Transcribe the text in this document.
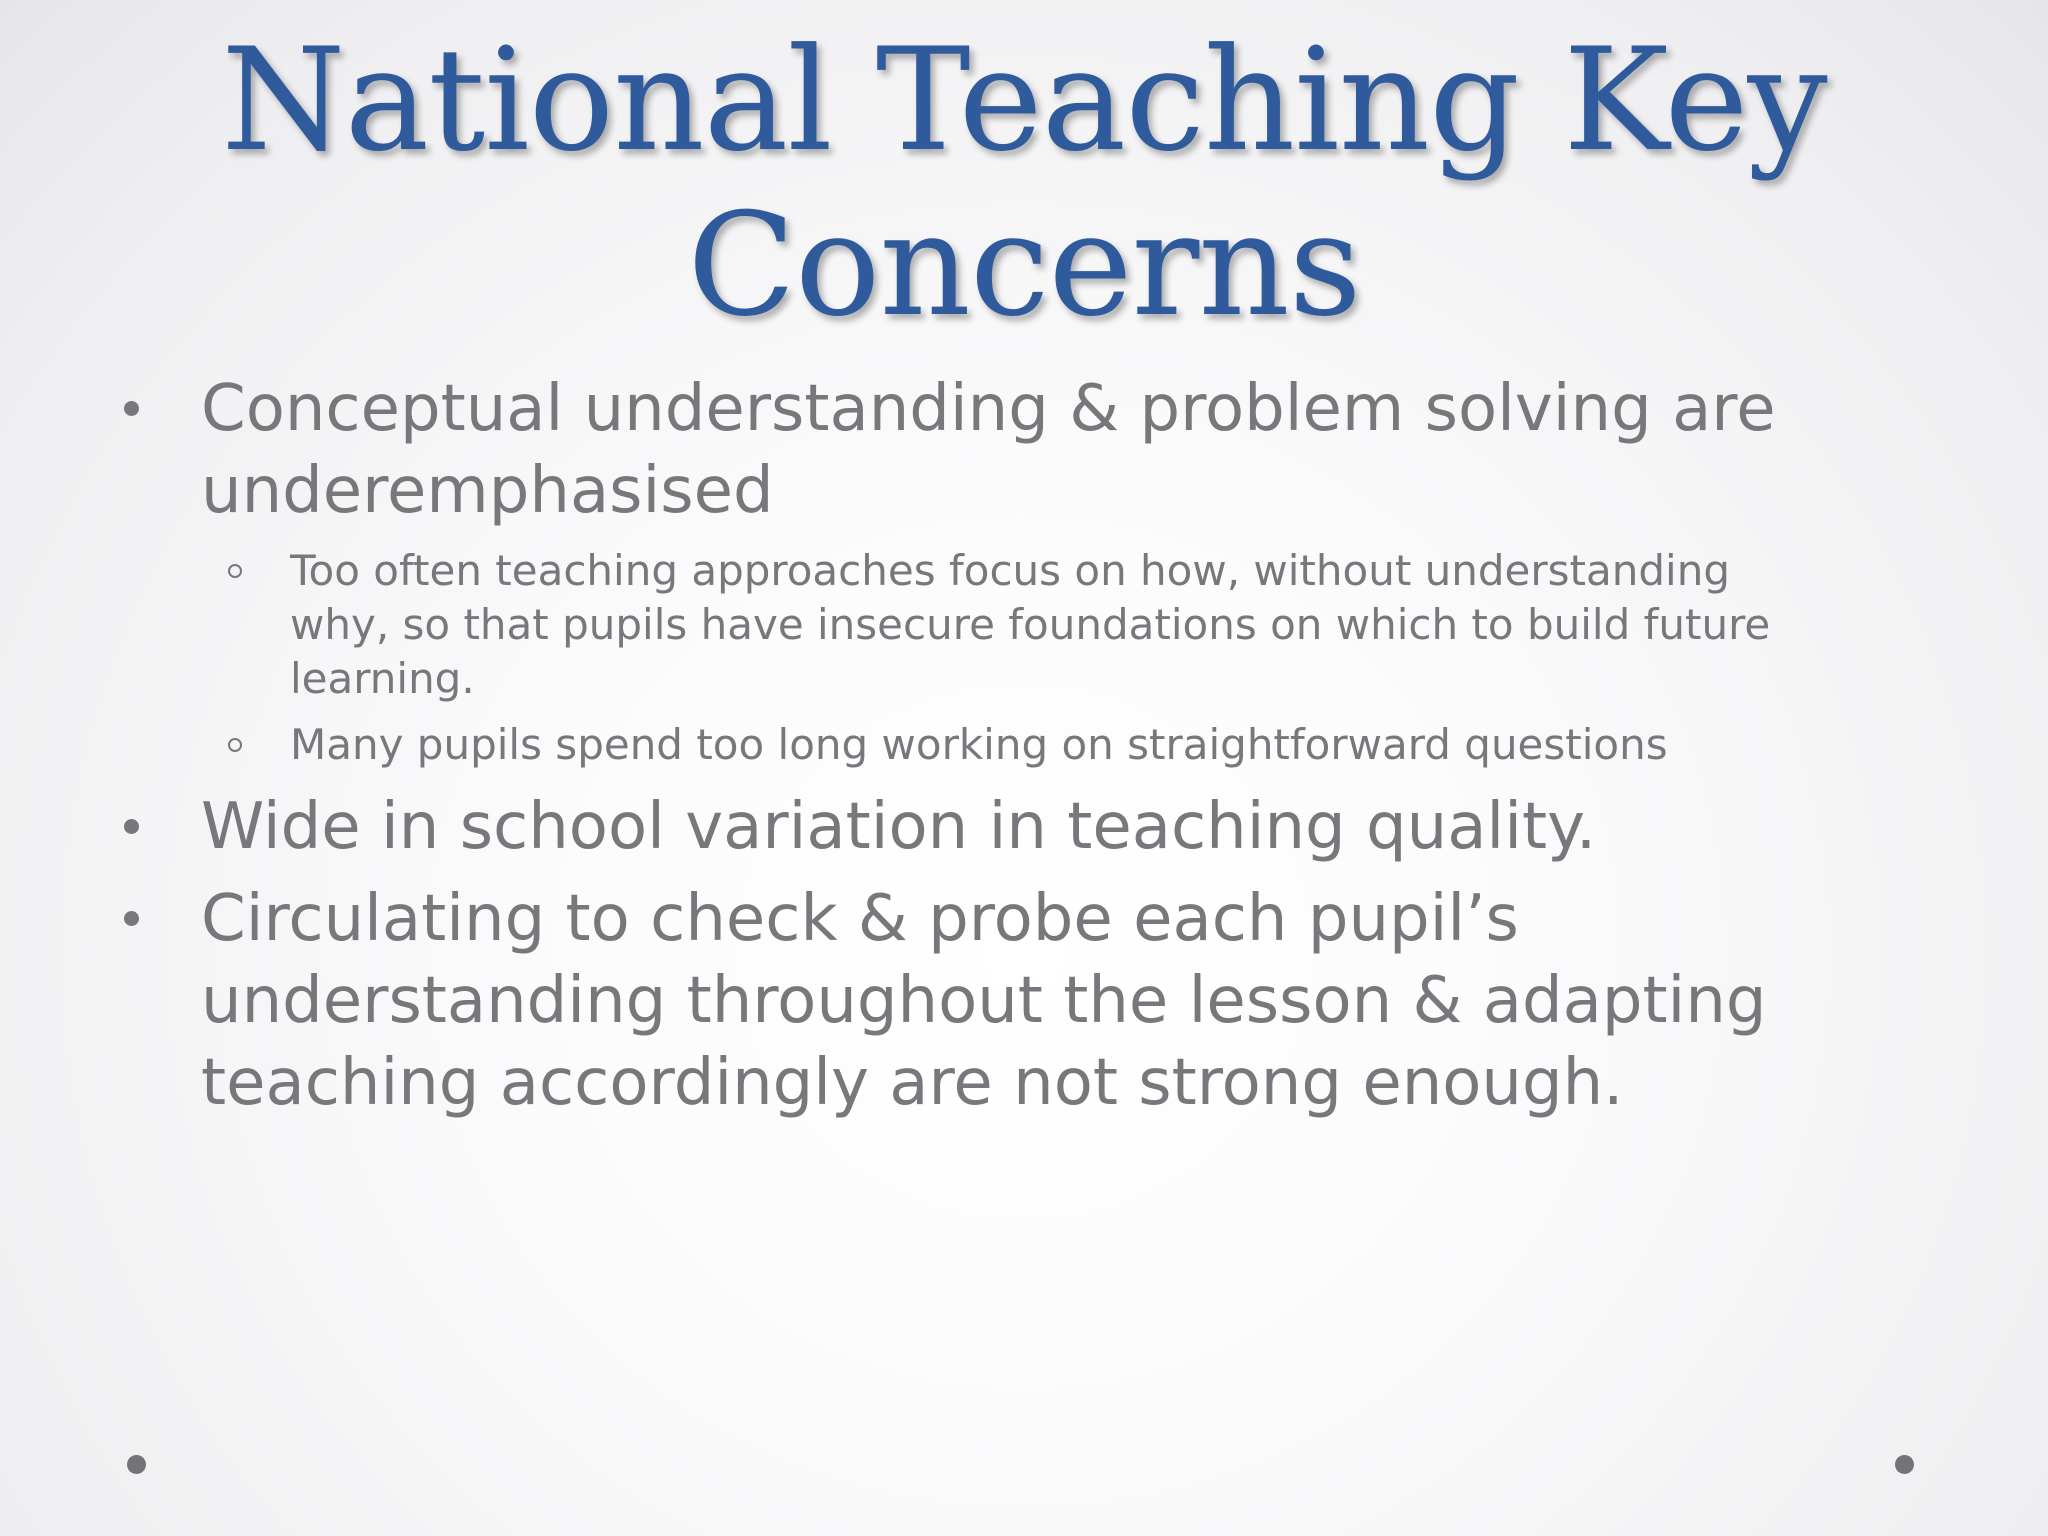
National Teaching Key
Concerns
Conceptual understanding & problem solving are underemphasised
Too often teaching approaches focus on how, without understanding why, so that pupils have insecure foundations on which to build future learning.
Many pupils spend too long working on straightforward questions
Wide in school variation in teaching quality.
Circulating to check & probe each pupil’s understanding throughout the lesson & adapting teaching accordingly are not strong enough.
